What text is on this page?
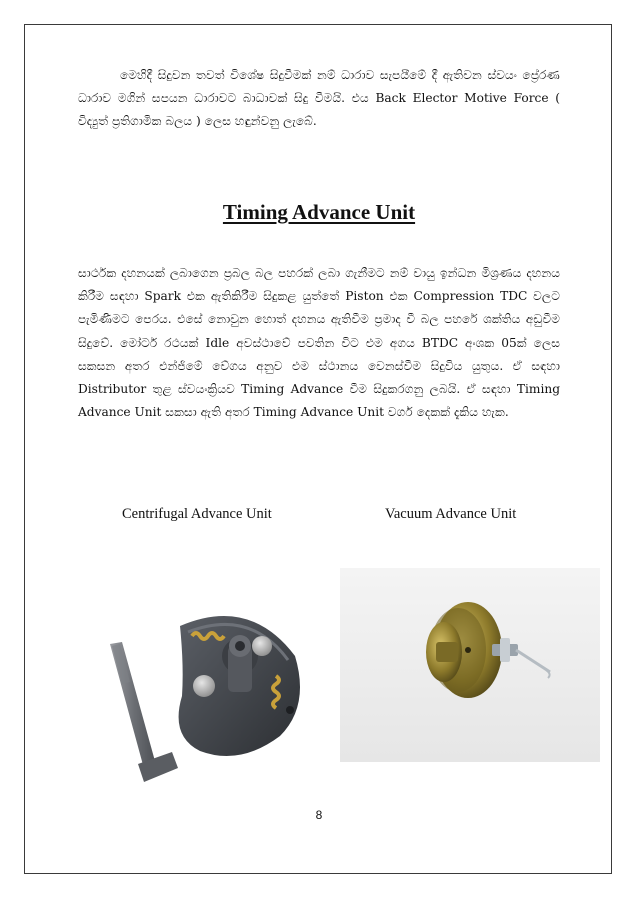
මෙහිදී සිදුවන තවත් විශේෂ සිදුවීමක් නම් ධාරාව සැපයීමේ දී ඇතිවන ස්වයං ප්‍රේරණ ධාරාව මගින් සපයන ධාරාවට බාධාවක් සිදු වීමයි. එය Back Elector Motive Force ( විද්‍යුත් ප්‍රතිගාමික බලය ) ලෙස හඳුන්වනු ලැබේ.

Timing Advance Unit

සාර්ථක දහනයක් ලබාගෙන ප්‍රබල බල පහරක් ලබා ගැනීමට නම් වායු ඉන්ධන මිශ්‍රණය දහනය කිරීම සඳහා Spark එක ඇතිකිරීම සිදුකළ යුත්තේ Piston එක Compression TDC වලට පැමිණීමට පෙරය. එසේ නොවුන හොත් දහනය ඇතිවීම ප්‍රමාද වී බල පහරේ ශක්තිය අඩුවීම සිදුවේ. මෝටර් රථයක් Idle අවස්ථාවේ පවතින විට එම අගය BTDC අංශක 05ක් ලෙස සකසන අතර එන්ජිමේ වේගය අනුව එම ස්ථානය වෙනස්වීම සිදුවිය යුතුය. ඒ සඳහා Distributor තුළ ස්වයංක්‍රියව Timing Advance වීම සිදුකරගනු ලබයි. ඒ සඳහා Timing Advance Unit සකසා ඇති අතර Timing Advance Unit වර්ග දෙකක් දැකිය හැක.

Centrifugal Advance Unit	Vacuum Advance Unit

8
